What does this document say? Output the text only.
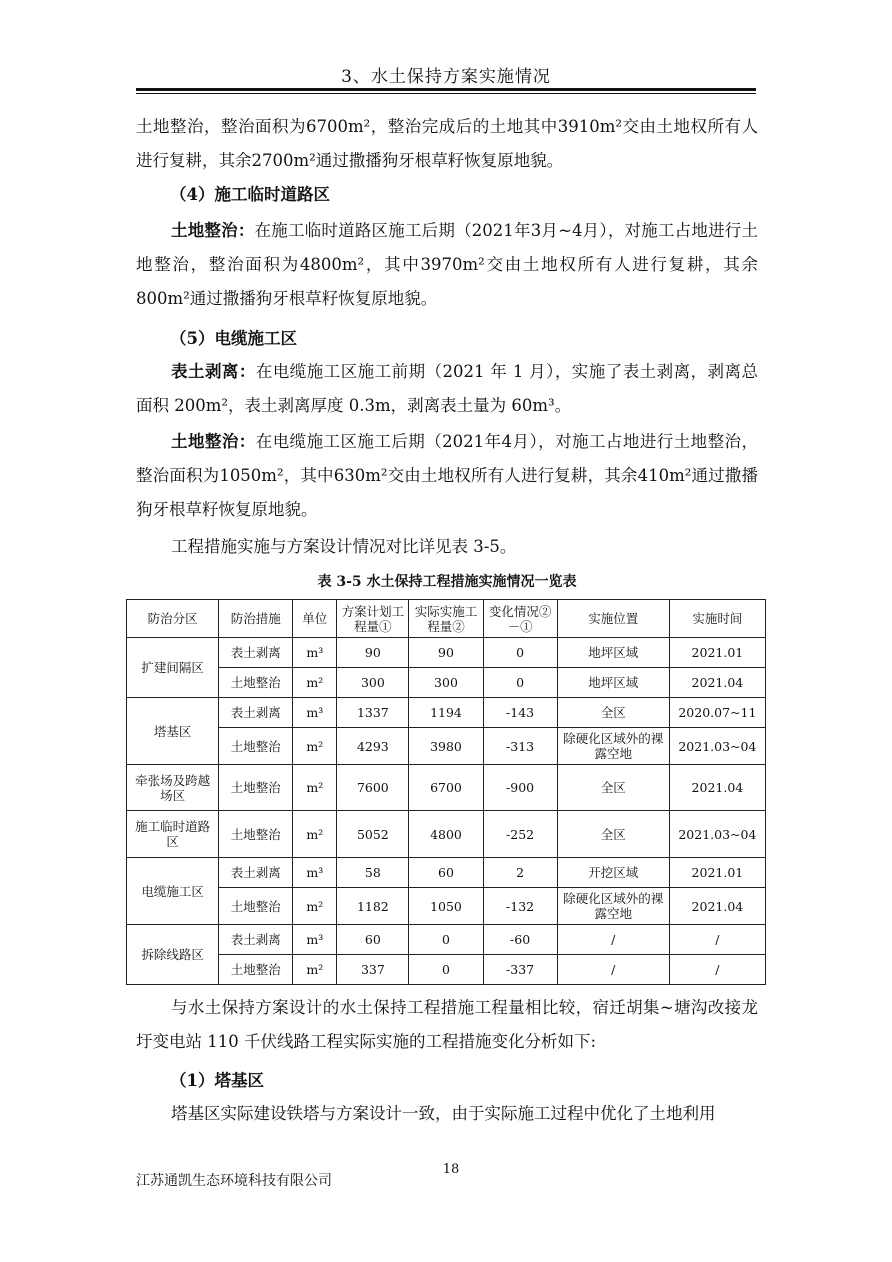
3、水土保持方案实施情况
土地整治，整治面积为6700m²，整治完成后的土地其中3910m²交由土地权所有人进行复耕，其余2700m²通过撒播狗牙根草籽恢复原地貌。
（4）施工临时道路区
土地整治：在施工临时道路区施工后期（2021年3月~4月），对施工占地进行土地整治，整治面积为4800m²，其中3970m²交由土地权所有人进行复耕，其余800m²通过撒播狗牙根草籽恢复原地貌。
（5）电缆施工区
表土剥离：在电缆施工区施工前期（2021 年 1 月），实施了表土剥离，剥离总面积 200m²，表土剥离厚度 0.3m，剥离表土量为 60m³。
土地整治：在电缆施工区施工后期（2021年4月），对施工占地进行土地整治，整治面积为1050m²，其中630m²交由土地权所有人进行复耕，其余410m²通过撒播狗牙根草籽恢复原地貌。
工程措施实施与方案设计情况对比详见表 3-5。
表 3-5 水土保持工程措施实施情况一览表
防治分区	防治措施	单位	方案计划工程量①	实际实施工程量②	变化情况②－①	实施位置	实施时间
扩建间隔区	表土剥离	m³	90	90	0	地坪区域	2021.01
	土地整治	m²	300	300	0	地坪区域	2021.04
塔基区	表土剥离	m³	1337	1194	-143	全区	2020.07~11
	土地整治	m²	4293	3980	-313	除硬化区域外的裸露空地	2021.03~04
牵张场及跨越场区	土地整治	m²	7600	6700	-900	全区	2021.04
施工临时道路区	土地整治	m²	5052	4800	-252	全区	2021.03~04
电缆施工区	表土剥离	m³	58	60	2	开挖区域	2021.01
	土地整治	m²	1182	1050	-132	除硬化区域外的裸露空地	2021.04
拆除线路区	表土剥离	m³	60	0	-60	/	/
	土地整治	m²	337	0	-337	/	/
与水土保持方案设计的水土保持工程措施工程量相比较，宿迁胡集~塘沟改接龙圩变电站 110 千伏线路工程实际实施的工程措施变化分析如下:
（1）塔基区
塔基区实际建设铁塔与方案设计一致，由于实际施工过程中优化了土地利用
18
江苏通凯生态环境科技有限公司
